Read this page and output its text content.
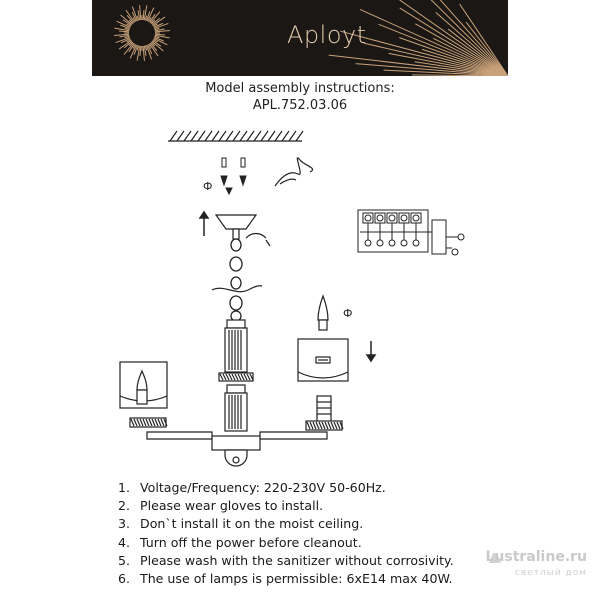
Aployt
Model assembly instructions:
APL.752.03.06
Ф
Ф
1. Voltage/Frequency: 220-230V 50-60Hz.
2. Please wear gloves to install.
3. Don`t install it on the moist ceiling.
4. Turn off the power before cleanout.
5. Please wash with the sanitizer without corrosivity.
6. The use of lamps is permissible: 6xE14 max 40W.
Lustraline.ru
светлый дом
